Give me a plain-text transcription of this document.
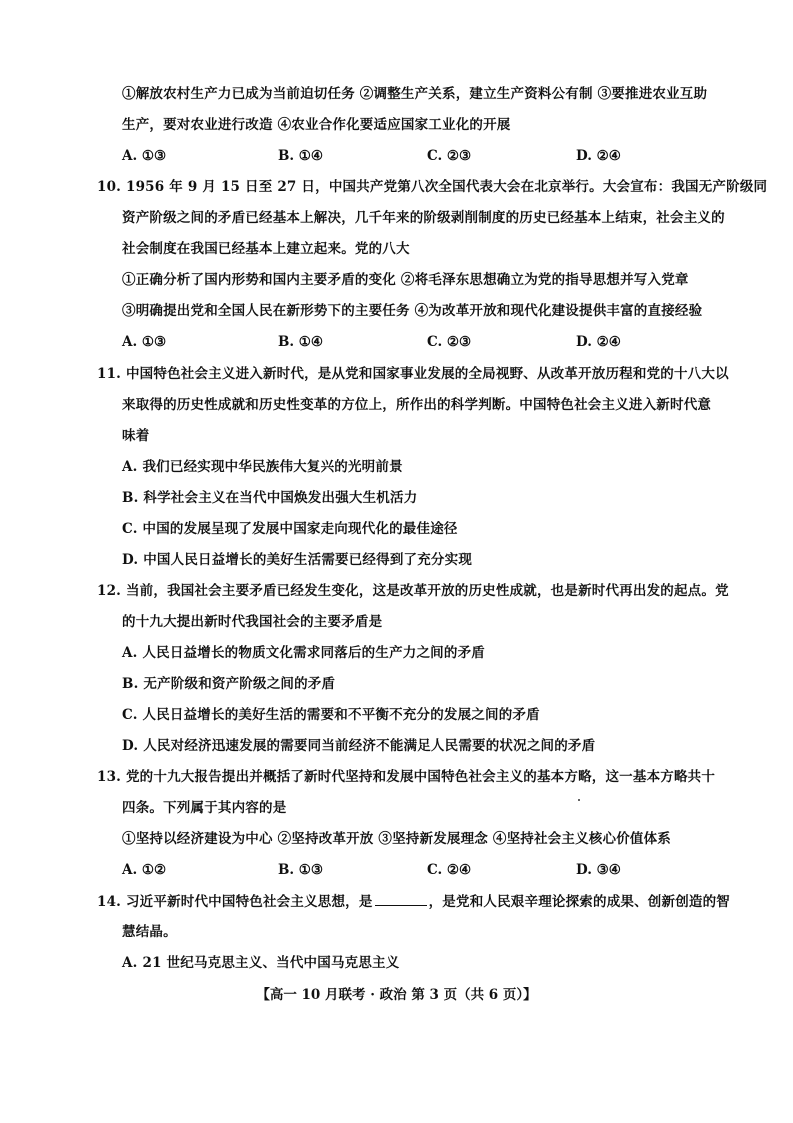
①解放农村生产力已成为当前迫切任务 ②调整生产关系，建立生产资料公有制 ③要推进农业互助
生产，要对农业进行改造 ④农业合作化要适应国家工业化的开展
A. ①③	B. ①④	C. ②③	D. ②④
10. 1956 年 9 月 15 日至 27 日，中国共产党第八次全国代表大会在北京举行。大会宣布：我国无产阶级同
资产阶级之间的矛盾已经基本上解决，几千年来的阶级剥削制度的历史已经基本上结束，社会主义的
社会制度在我国已经基本上建立起来。党的八大
①正确分析了国内形势和国内主要矛盾的变化 ②将毛泽东思想确立为党的指导思想并写入党章
③明确提出党和全国人民在新形势下的主要任务 ④为改革开放和现代化建设提供丰富的直接经验
A. ①③	B. ①④	C. ②③	D. ②④
11. 中国特色社会主义进入新时代，是从党和国家事业发展的全局视野、从改革开放历程和党的十八大以
来取得的历史性成就和历史性变革的方位上，所作出的科学判断。中国特色社会主义进入新时代意
味着
A. 我们已经实现中华民族伟大复兴的光明前景
B. 科学社会主义在当代中国焕发出强大生机活力
C. 中国的发展呈现了发展中国家走向现代化的最佳途径
D. 中国人民日益增长的美好生活需要已经得到了充分实现
12. 当前，我国社会主要矛盾已经发生变化，这是改革开放的历史性成就，也是新时代再出发的起点。党
的十九大提出新时代我国社会的主要矛盾是
A. 人民日益增长的物质文化需求同落后的生产力之间的矛盾
B. 无产阶级和资产阶级之间的矛盾
C. 人民日益增长的美好生活的需要和不平衡不充分的发展之间的矛盾
D. 人民对经济迅速发展的需要同当前经济不能满足人民需要的状况之间的矛盾
13. 党的十九大报告提出并概括了新时代坚持和发展中国特色社会主义的基本方略，这一基本方略共十
四条。下列属于其内容的是
①坚持以经济建设为中心 ②坚持改革开放 ③坚持新发展理念 ④坚持社会主义核心价值体系
A. ①②	B. ①③	C. ②④	D. ③④
14. 习近平新时代中国特色社会主义思想，是	，是党和人民艰辛理论探索的成果、创新创造的智
慧结晶。
A. 21 世纪马克思主义、当代中国马克思主义
【高一 10 月联考 · 政治 第 3 页（共 6 页）】
